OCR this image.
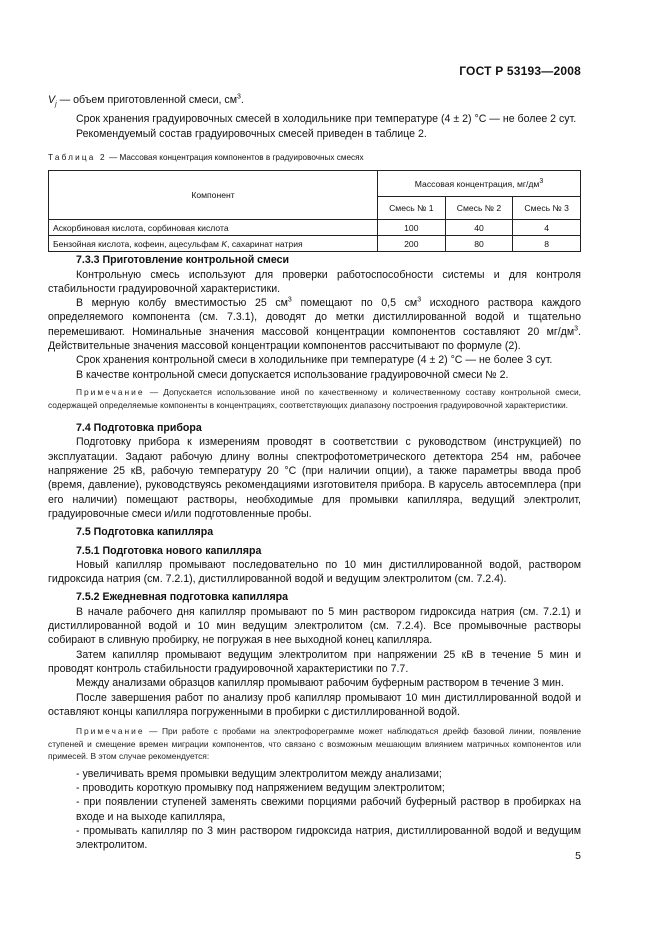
ГОСТ Р 53193—2008

$V_j$ — объем приготовленной смеси, $см^3$.

Срок хранения градуировочных смесей в холодильнике при температуре (4 ± 2) °С — не более 2 сут.

Рекомендуемый состав градуировочных смесей приведен в таблице 2.

Таблица 2 — Массовая концентрация компонентов в градуировочных смесях

Компонент	Массовая концентрация, $мг/дм^3$
	Смесь № 1	Смесь № 2	Смесь № 3
Аскорбиновая кислота, сорбиновая кислота	100	40	4
Бензойная кислота, кофеин, ацесульфам K, сахаринат натрия	200	80	8

7.3.3 Приготовление контрольной смеси

Контрольную смесь используют для проверки работоспособности системы и для контроля стабильности градуировочной характеристики.

В мерную колбу вместимостью 25 $см^3$ помещают по 0,5 $см^3$ исходного раствора каждого определяемого компонента (см. 7.3.1), доводят до метки дистиллированной водой и тщательно перемешивают. Номинальные значения массовой концентрации компонентов составляют 20 $мг/дм^3$. Действительные значения массовой концентрации компонентов рассчитывают по формуле (2).

Срок хранения контрольной смеси в холодильнике при температуре (4 ± 2) °С — не более 3 сут.

В качестве контрольной смеси допускается использование градуировочной смеси № 2.

Примечание — Допускается использование иной по качественному и количественному составу контрольной смеси, содержащей определяемые компоненты в концентрациях, соответствующих диапазону построения градуировочной характеристики.

7.4 Подготовка прибора

Подготовку прибора к измерениям проводят в соответствии с руководством (инструкцией) по эксплуатации. Задают рабочую длину волны спектрофотометрического детектора 254 нм, рабочее напряжение 25 кВ, рабочую температуру 20 °С (при наличии опции), а также параметры ввода проб (время, давление), руководствуясь рекомендациями изготовителя прибора. В карусель автосемплера (при его наличии) помещают растворы, необходимые для промывки капилляра, ведущий электролит, градуировочные смеси и/или подготовленные пробы.

7.5 Подготовка капилляра

7.5.1 Подготовка нового капилляра

Новый капилляр промывают последовательно по 10 мин дистиллированной водой, раствором гидроксида натрия (см. 7.2.1), дистиллированной водой и ведущим электролитом (см. 7.2.4).

7.5.2 Ежедневная подготовка капилляра

В начале рабочего дня капилляр промывают по 5 мин раствором гидроксида натрия (см. 7.2.1) и дистиллированной водой и 10 мин ведущим электролитом (см. 7.2.4). Все промывочные растворы собирают в сливную пробирку, не погружая в нее выходной конец капилляра.

Затем капилляр промывают ведущим электролитом при напряжении 25 кВ в течение 5 мин и проводят контроль стабильности градуировочной характеристики по 7.7.

Между анализами образцов капилляр промывают рабочим буферным раствором в течение 3 мин.

После завершения работ по анализу проб капилляр промывают 10 мин дистиллированной водой и оставляют концы капилляра погруженными в пробирки с дистиллированной водой.

Примечание — При работе с пробами на электрофореграмме может наблюдаться дрейф базовой линии, появление ступеней и смещение времен миграции компонентов, что связано с возможным мешающим влиянием матричных компонентов или примесей. В этом случае рекомендуется:

- увеличивать время промывки ведущим электролитом между анализами;

- проводить короткую промывку под напряжением ведущим электролитом;

- при появлении ступеней заменять свежими порциями рабочий буферный раствор в пробирках на входе и на выходе капилляра,

- промывать капилляр по 3 мин раствором гидроксида натрия, дистиллированной водой и ведущим электролитом.

5
